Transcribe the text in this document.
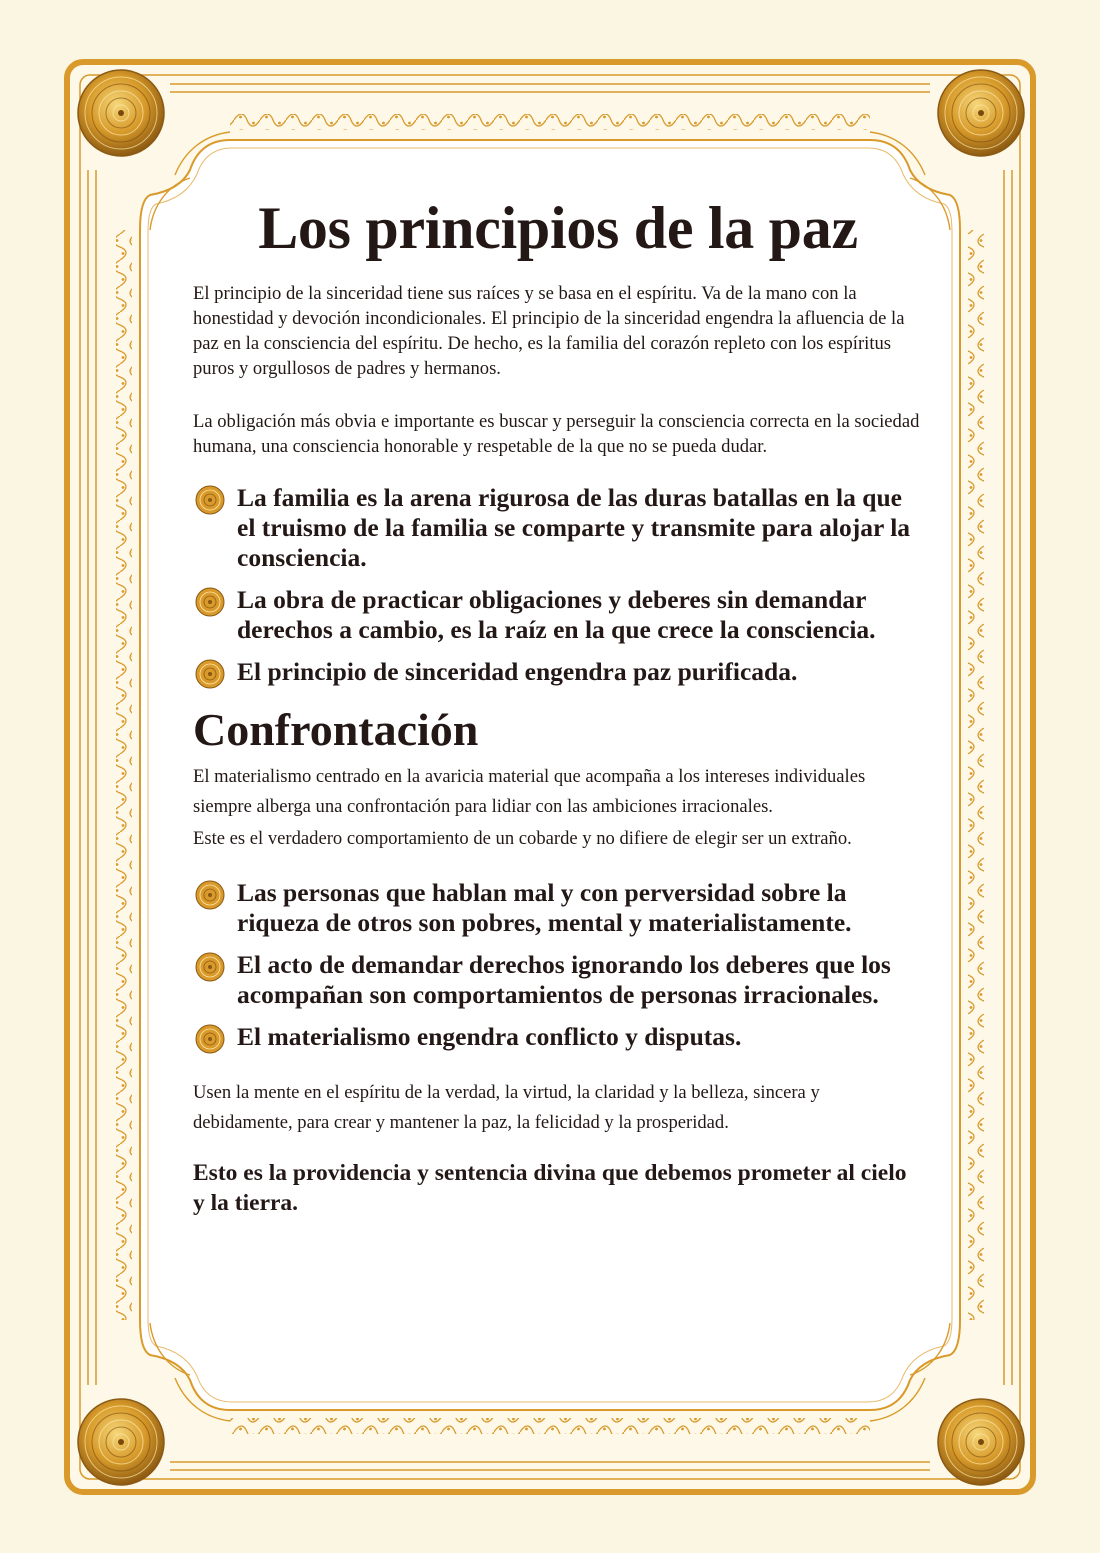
Los principios de la paz

El principio de la sinceridad tiene sus raíces y se basa en el espíritu. Va de la mano con la honestidad y devoción incondicionales. El principio de la sinceridad engendra la afluencia de la paz en la consciencia del espíritu. De hecho, es la familia del corazón repleto con los espíritus puros y orgullosos de padres y hermanos.

La obligación más obvia e importante es buscar y perseguir la consciencia correcta en la sociedad humana, una consciencia honorable y respetable de la que no se pueda dudar.

La familia es la arena rigurosa de las duras batallas en la que el truismo de la familia se comparte y transmite para alojar la consciencia.
La obra de practicar obligaciones y deberes sin demandar derechos a cambio, es la raíz en la que crece la consciencia.
El principio de sinceridad engendra paz purificada.
Confrontación

El materialismo centrado en la avaricia material que acompaña a los intereses individuales siempre alberga una confrontación para lidiar con las ambiciones irracionales.

Este es el verdadero comportamiento de un cobarde y no difiere de elegir ser un extraño.

Las personas que hablan mal y con perversidad sobre la riqueza de otros son pobres, mental y materialistamente.
El acto de demandar derechos ignorando los deberes que los acompañan son comportamientos de personas irracionales.
El materialismo engendra conflicto y disputas.

Usen la mente en el espíritu de la verdad, la virtud, la claridad y la belleza, sincera y debidamente, para crear y mantener la paz, la felicidad y la prosperidad.

Esto es la providencia y sentencia divina que debemos prometer al cielo y la tierra.
